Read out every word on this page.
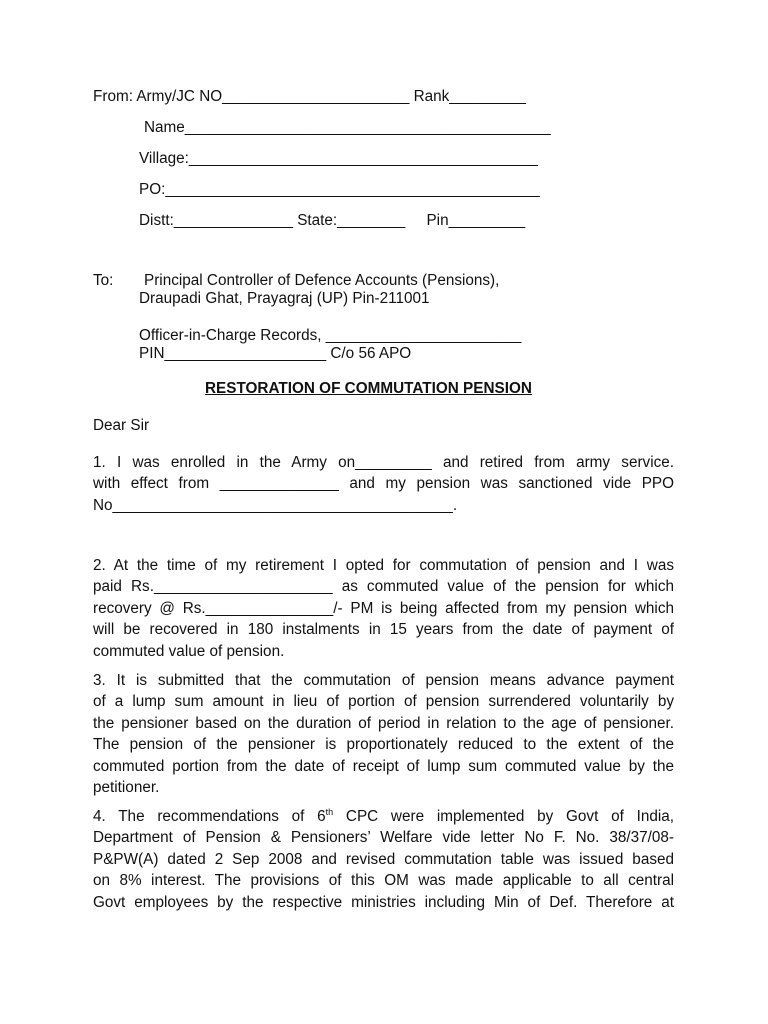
From: Army/JC NO______________________ Rank_________
Name___________________________________________
Village:_________________________________________
PO:____________________________________________
Distt:______________ State:________     Pin_________
To: Principal Controller of Defence Accounts (Pensions),
Draupadi Ghat, Prayagraj (UP) Pin-211001
Officer-in-Charge Records, _______________________
PIN___________________ C/o 56 APO
RESTORATION OF COMMUTATION PENSION
Dear Sir
1. I was enrolled in the Army on_________ and retired from army service.
with effect from ______________ and my pension was sanctioned vide PPO
No________________________________________.
2. At the time of my retirement I opted for commutation of pension and I was
paid Rs._____________________ as commuted value of the pension for which
recovery @ Rs._______________/- PM is being affected from my pension which
will be recovered in 180 instalments in 15 years from the date of payment of
commuted value of pension.
3. It is submitted that the commutation of pension means advance payment
of a lump sum amount in lieu of portion of pension surrendered voluntarily by
the pensioner based on the duration of period in relation to the age of pensioner.
The pension of the pensioner is proportionately reduced to the extent of the
commuted portion from the date of receipt of lump sum commuted value by the
petitioner.
4. The recommendations of 6th CPC were implemented by Govt of India,
Department of Pension & Pensioners’ Welfare vide letter No F. No. 38/37/08-
P&PW(A) dated 2 Sep 2008 and revised commutation table was issued based
on 8% interest. The provisions of this OM was made applicable to all central
Govt employees by the respective ministries including Min of Def. Therefore at
